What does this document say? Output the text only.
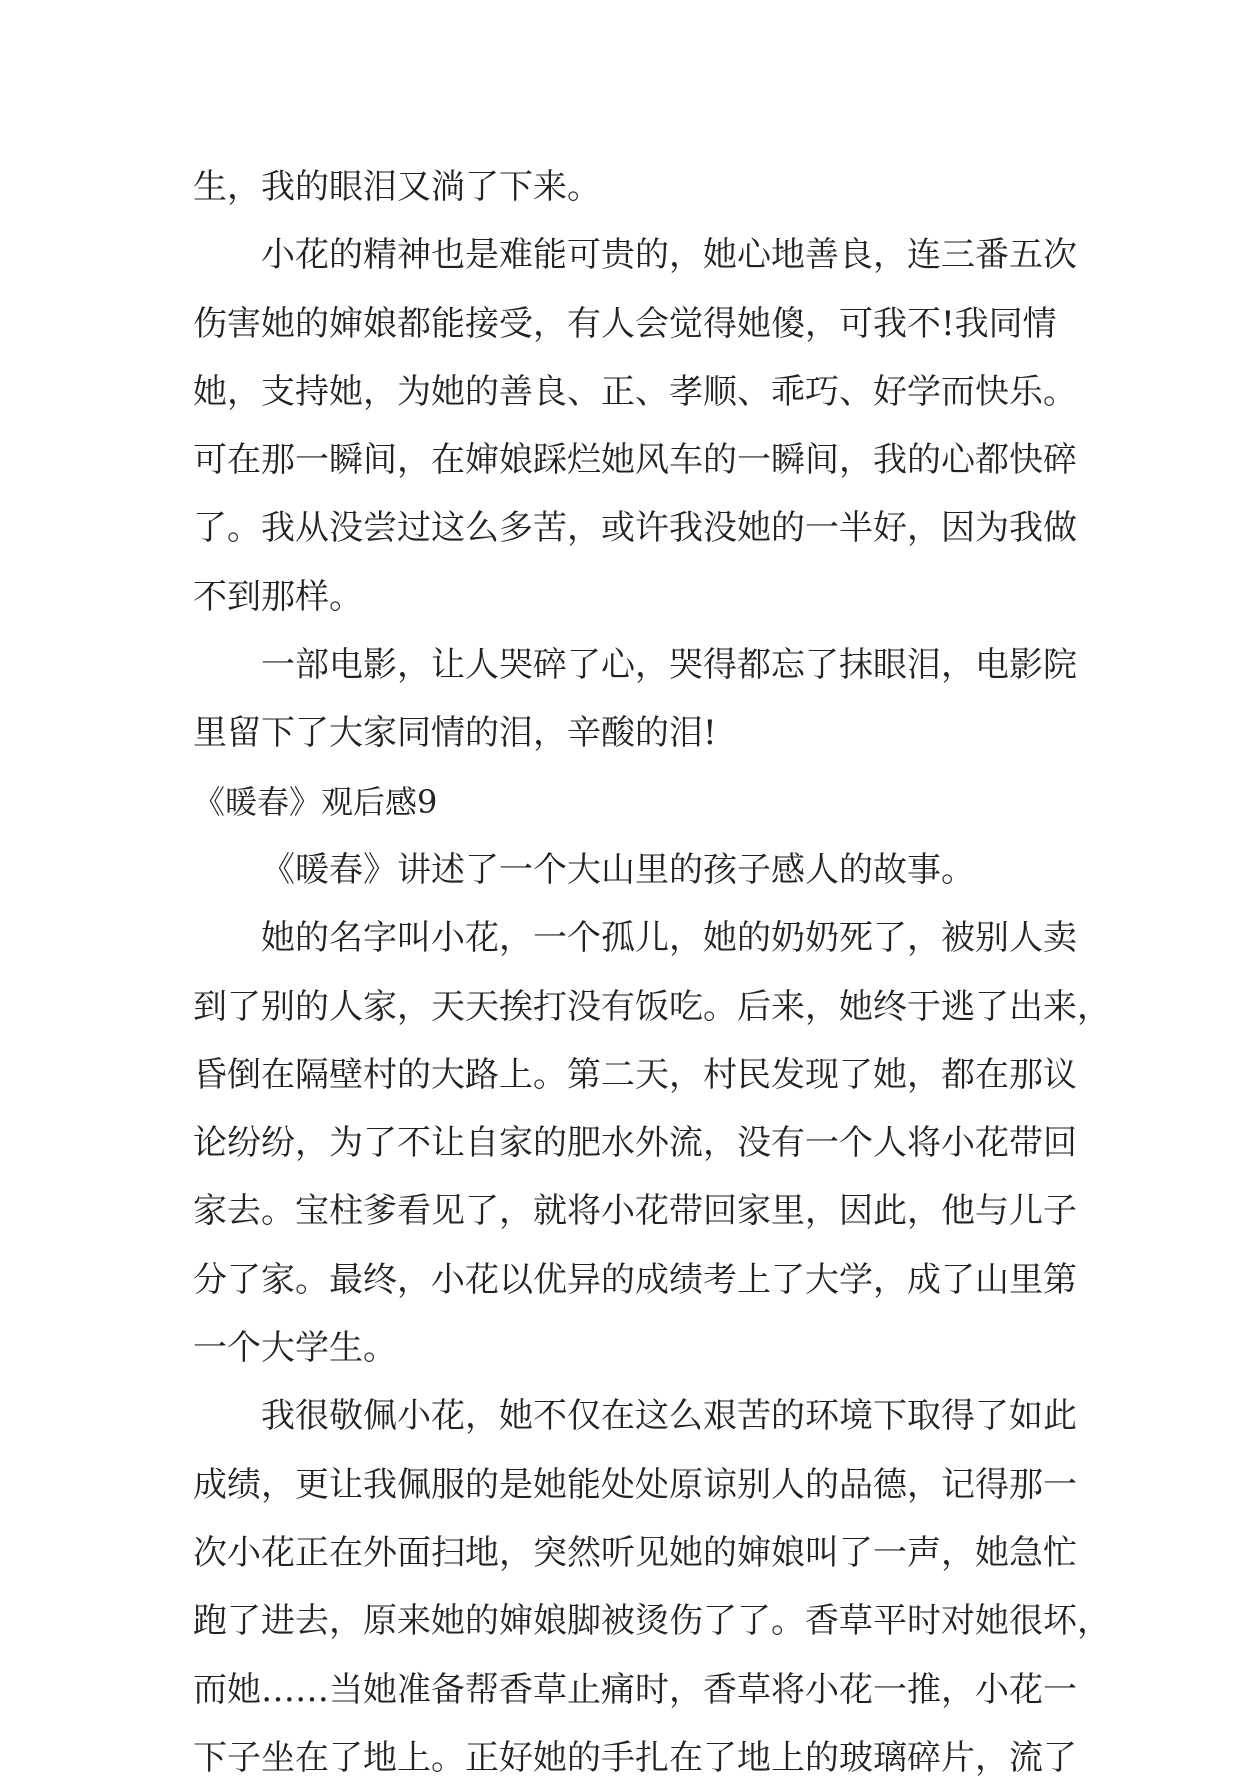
生，我的眼泪又淌了下来。
小花的精神也是难能可贵的，她心地善良，连三番五次
伤害她的婶娘都能接受，有人会觉得她傻，可我不!我同情
她，支持她，为她的善良、正、孝顺、乖巧、好学而快乐。
可在那一瞬间，在婶娘踩烂她风车的一瞬间，我的心都快碎
了。我从没尝过这么多苦，或许我没她的一半好，因为我做
不到那样。
一部电影，让人哭碎了心，哭得都忘了抹眼泪，电影院
里留下了大家同情的泪，辛酸的泪!
《暖春》观后感9
《暖春》讲述了一个大山里的孩子感人的故事。
她的名字叫小花，一个孤儿，她的奶奶死了，被别人卖
到了别的人家，天天挨打没有饭吃。后来，她终于逃了出来，
昏倒在隔壁村的大路上。第二天，村民发现了她，都在那议
论纷纷，为了不让自家的肥水外流，没有一个人将小花带回
家去。宝柱爹看见了，就将小花带回家里，因此，他与儿子
分了家。最终，小花以优异的成绩考上了大学，成了山里第
一个大学生。
我很敬佩小花，她不仅在这么艰苦的环境下取得了如此
成绩，更让我佩服的是她能处处原谅别人的品德，记得那一
次小花正在外面扫地，突然听见她的婶娘叫了一声，她急忙
跑了进去，原来她的婶娘脚被烫伤了了。香草平时对她很坏，
而她……当她准备帮香草止痛时，香草将小花一推，小花一
下子坐在了地上。正好她的手扎在了地上的玻璃碎片，流了
